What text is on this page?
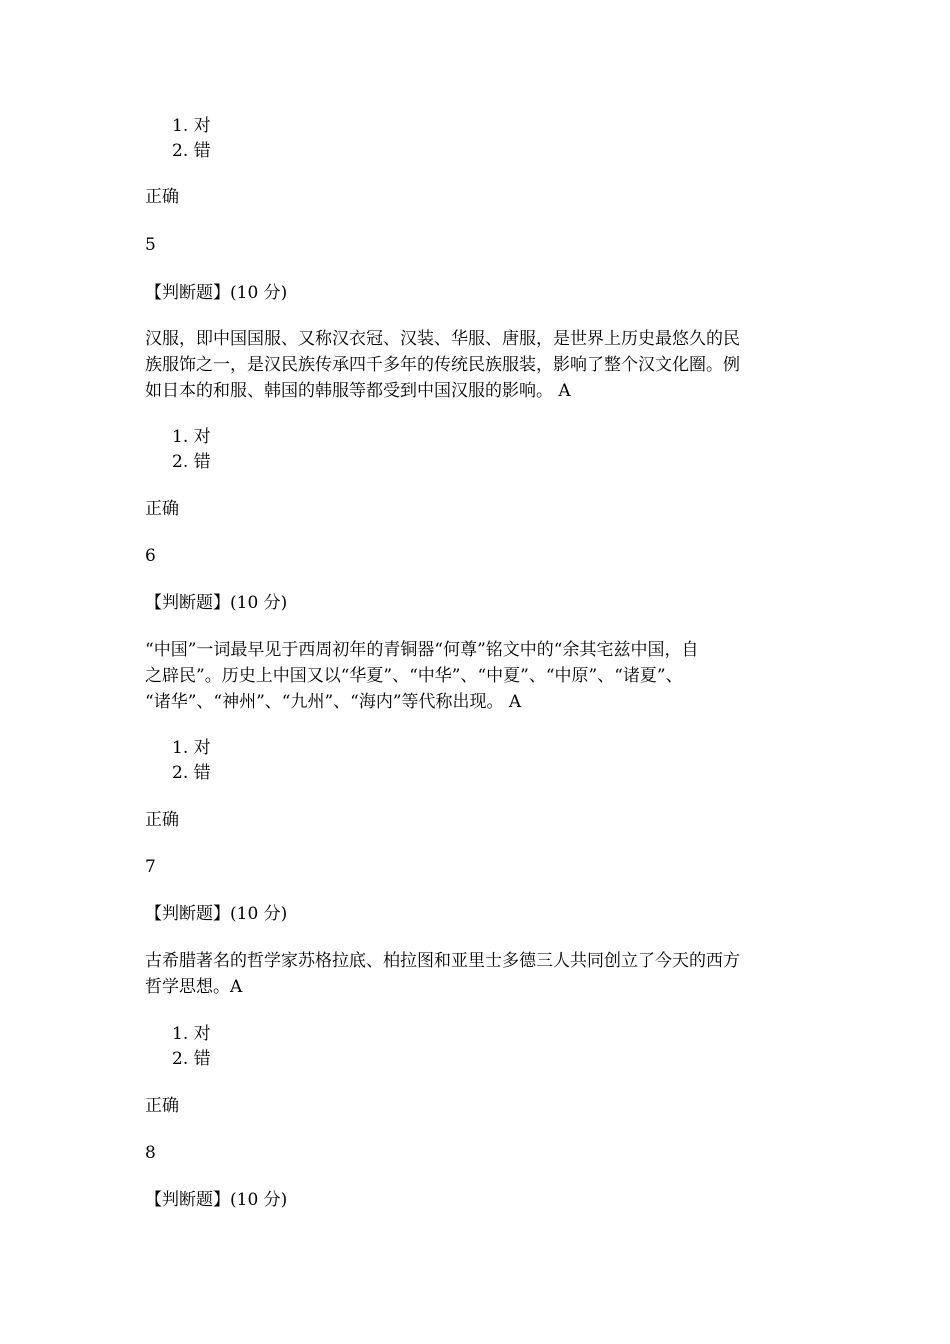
1. 对
2. 错
正确
5
【判断题】(10 分)
汉服，即中国国服、又称汉衣冠、汉装、华服、唐服，是世界上历史最悠久的民
族服饰之一，是汉民族传承四千多年的传统民族服装，影响了整个汉文化圈。例
如日本的和服、韩国的韩服等都受到中国汉服的影响。 A
1. 对
2. 错
正确
6
【判断题】(10 分)
“中国”一词最早见于西周初年的青铜器“何尊”铭文中的“余其宅兹中国，自
之辟民”。历史上中国又以“华夏”、“中华”、“中夏”、“中原”、“诸夏”、
“诸华”、“神州”、“九州”、“海内”等代称出现。 A
1. 对
2. 错
正确
7
【判断题】(10 分)
古希腊著名的哲学家苏格拉底、柏拉图和亚里士多德三人共同创立了今天的西方
哲学思想。A
1. 对
2. 错
正确
8
【判断题】(10 分)
